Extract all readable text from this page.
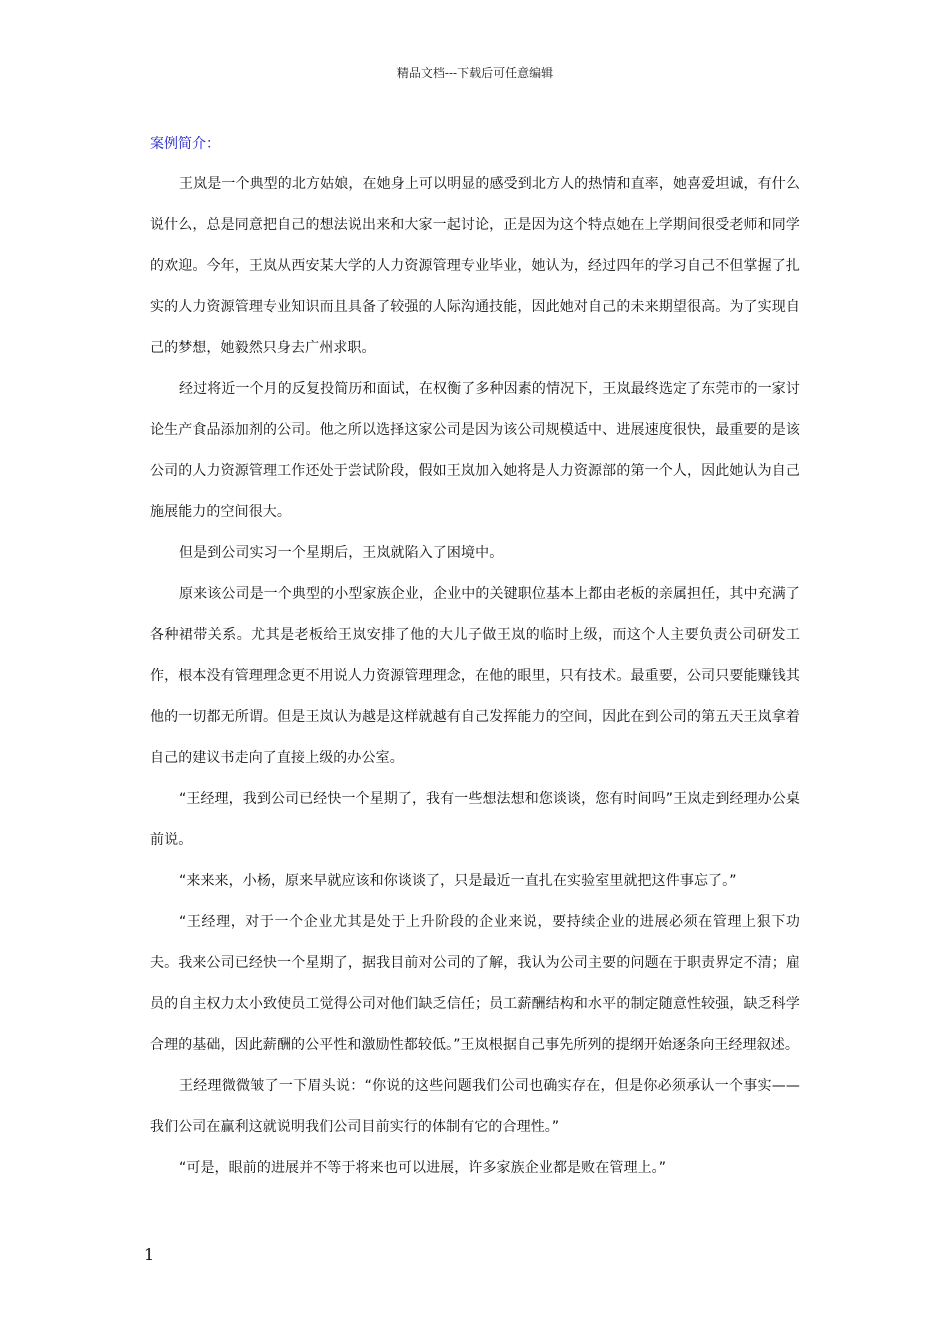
精品文档---下载后可任意编辑

案例简介：

王岚是一个典型的北方姑娘，在她身上可以明显的感受到北方人的热情和直率，她喜爱坦诚，有什么说什么，总是同意把自己的想法说出来和大家一起讨论，正是因为这个特点她在上学期间很受老师和同学的欢迎。今年，王岚从西安某大学的人力资源管理专业毕业，她认为，经过四年的学习自己不但掌握了扎实的人力资源管理专业知识而且具备了较强的人际沟通技能，因此她对自己的未来期望很高。为了实现自己的梦想，她毅然只身去广州求职。

经过将近一个月的反复投简历和面试，在权衡了多种因素的情况下，王岚最终选定了东莞市的一家讨论生产食品添加剂的公司。他之所以选择这家公司是因为该公司规模适中、进展速度很快，最重要的是该公司的人力资源管理工作还处于尝试阶段，假如王岚加入她将是人力资源部的第一个人，因此她认为自己施展能力的空间很大。

但是到公司实习一个星期后，王岚就陷入了困境中。

原来该公司是一个典型的小型家族企业，企业中的关键职位基本上都由老板的亲属担任，其中充满了各种裙带关系。尤其是老板给王岚安排了他的大儿子做王岚的临时上级，而这个人主要负责公司研发工作，根本没有管理理念更不用说人力资源管理理念，在他的眼里，只有技术。最重要，公司只要能赚钱其他的一切都无所谓。但是王岚认为越是这样就越有自己发挥能力的空间，因此在到公司的第五天王岚拿着自己的建议书走向了直接上级的办公室。

“王经理，我到公司已经快一个星期了，我有一些想法想和您谈谈，您有时间吗”王岚走到经理办公桌前说。

“来来来，小杨，原来早就应该和你谈谈了，只是最近一直扎在实验室里就把这件事忘了。”

“王经理，对于一个企业尤其是处于上升阶段的企业来说，要持续企业的进展必须在管理上狠下功夫。我来公司已经快一个星期了，据我目前对公司的了解，我认为公司主要的问题在于职责界定不清；雇员的自主权力太小致使员工觉得公司对他们缺乏信任；员工薪酬结构和水平的制定随意性较强，缺乏科学合理的基础，因此薪酬的公平性和激励性都较低。”王岚根据自己事先所列的提纲开始逐条向王经理叙述。

王经理微微皱了一下眉头说：“你说的这些问题我们公司也确实存在，但是你必须承认一个事实——我们公司在赢利这就说明我们公司目前实行的体制有它的合理性。”

“可是，眼前的进展并不等于将来也可以进展，许多家族企业都是败在管理上。”

1
